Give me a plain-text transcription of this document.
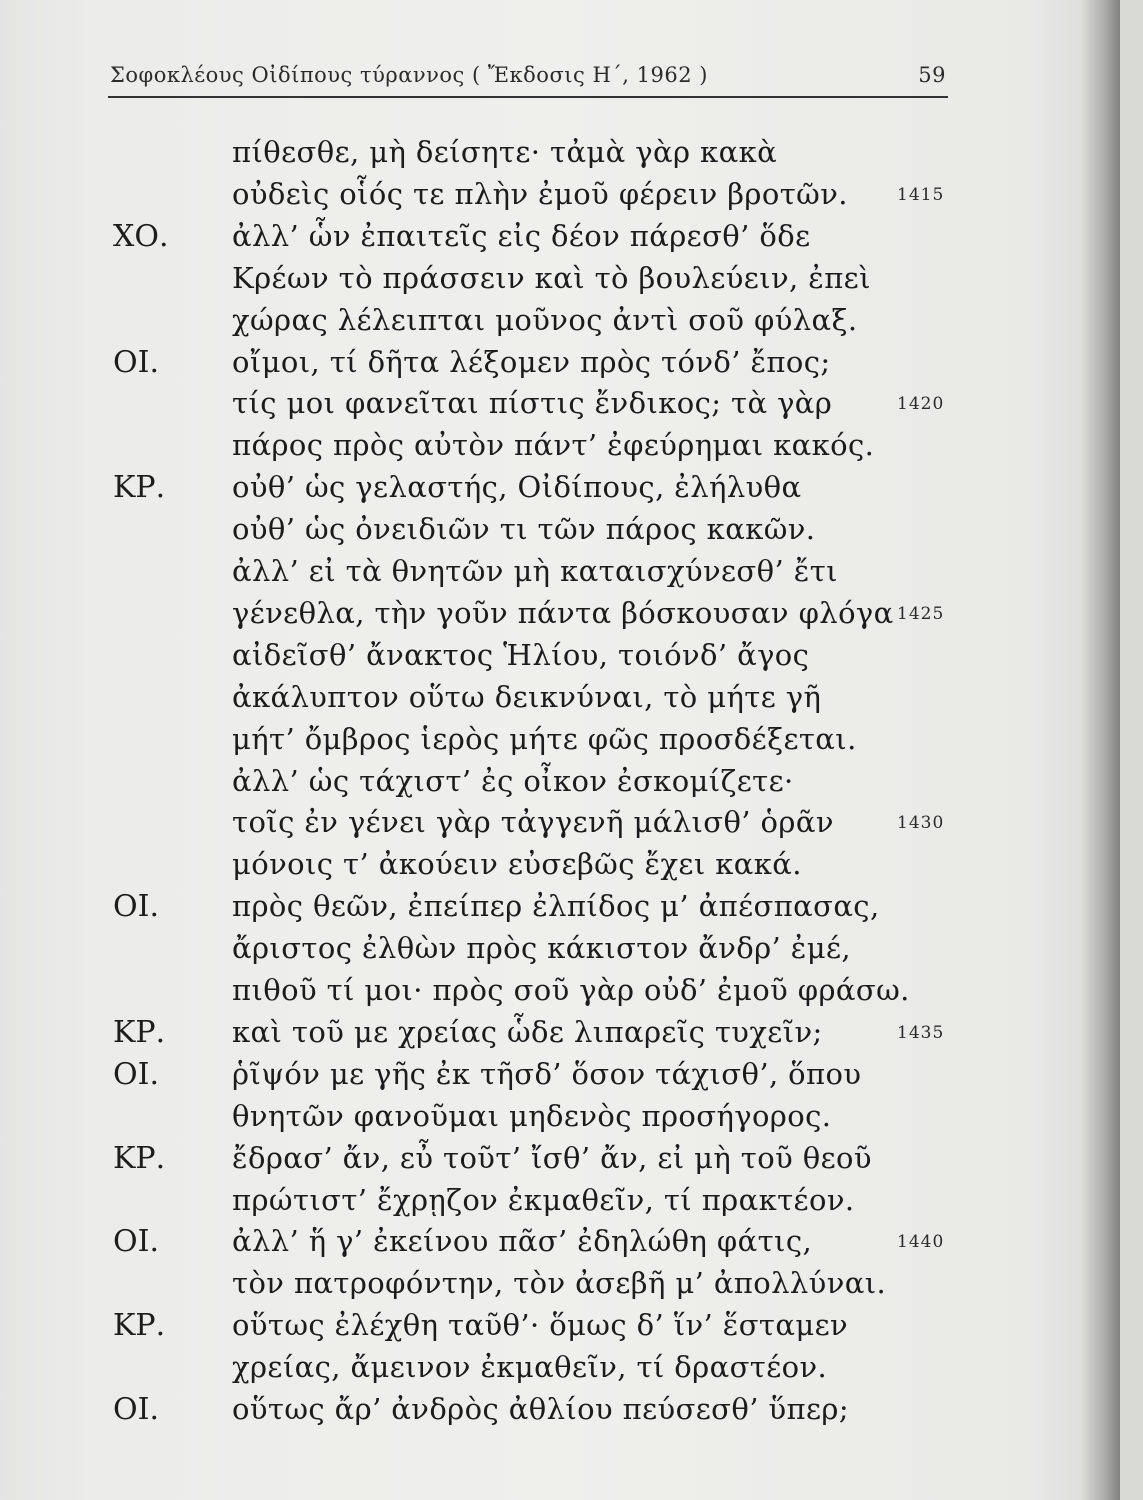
Σοφοκλέους Οἰδίπους τύραννος ( Ἔκδοσις Η΄, 1962 )	59
πίθεσθε, μὴ δείσητε· τἀμὰ γὰρ κακὰ
οὐδεὶς οἷός τε πλὴν ἐμοῦ φέρειν βροτῶν.	1415
ΧΟ. ἀλλ’ ὧν ἐπαιτεῖς εἰς δέον πάρεσθ’ ὅδε
Κρέων τὸ πράσσειν καὶ τὸ βουλεύειν, ἐπεὶ
χώρας λέλειπται μοῦνος ἀντὶ σοῦ φύλαξ.
ΟΙ.	οἴμοι, τί δῆτα λέξομεν πρὸς τόνδ’ ἔπος;
τίς μοι φανεῖται πίστις ἔνδικος; τὰ γὰρ	1420
πάρος πρὸς αὐτὸν πάντ’ ἐφεύρημαι κακός.
ΚΡ. οὐθ’ ὡς γελαστής, Οἰδίπους, ἐλήλυθα
οὐθ’ ὡς ὀνειδιῶν τι τῶν πάρος κακῶν.
ἀλλ’ εἰ τὰ θνητῶν μὴ καταισχύνεσθ’ ἔτι
γένεθλα, τὴν γοῦν πάντα βόσκουσαν φλόγα 1425
αἰδεῖσθ’ ἄνακτος Ἡλίου, τοιόνδ’ ἄγος
ἀκάλυπτον οὕτω δεικνύναι, τὸ μήτε γῆ
μήτ’ ὄμβρος ἱερὸς μήτε φῶς προσδέξεται.
ἀλλ’ ὡς τάχιστ’ ἐς οἶκον ἐσκομίζετε·
τοῖς ἐν γένει γὰρ τἀγγενῆ μάλισθ’ ὁρᾶν	1430
μόνοις τ’ ἀκούειν εὐσεβῶς ἔχει κακά.
ΟΙ.	πρὸς θεῶν, ἐπείπερ ἐλπίδος μ’ ἀπέσπασας,
ἄριστος ἐλθὼν πρὸς κάκιστον ἄνδρ’ ἐμέ,
πιθοῦ τί μοι· πρὸς σοῦ γὰρ οὐδ’ ἐμοῦ φράσω.
ΚΡ. καὶ τοῦ με χρείας ὧδε λιπαρεῖς τυχεῖν;	1435
ΟΙ.	ῥῖψόν με γῆς ἐκ τῆσδ’ ὅσον τάχισθ’, ὅπου
θνητῶν φανοῦμαι μηδενὸς προσήγορος.
ΚΡ. ἔδρασ’ ἄν, εὖ τοῦτ’ ἴσθ’ ἄν, εἰ μὴ τοῦ θεοῦ
πρώτιστ’ ἔχρῃζον ἐκμαθεῖν, τί πρακτέον.
ΟΙ.	ἀλλ’ ἥ γ’ ἐκείνου πᾶσ’ ἐδηλώθη φάτις,	1440
τὸν πατροφόντην, τὸν ἀσεβῆ μ’ ἀπολλύναι.
ΚΡ. οὕτως ἐλέχθη ταῦθ’· ὅμως δ’ ἵν’ ἕσταμεν
χρείας, ἄμεινον ἐκμαθεῖν, τί δραστέον.
ΟΙ.	οὕτως ἄρ’ ἀνδρὸς ἀθλίου πεύσεσθ’ ὕπερ;
